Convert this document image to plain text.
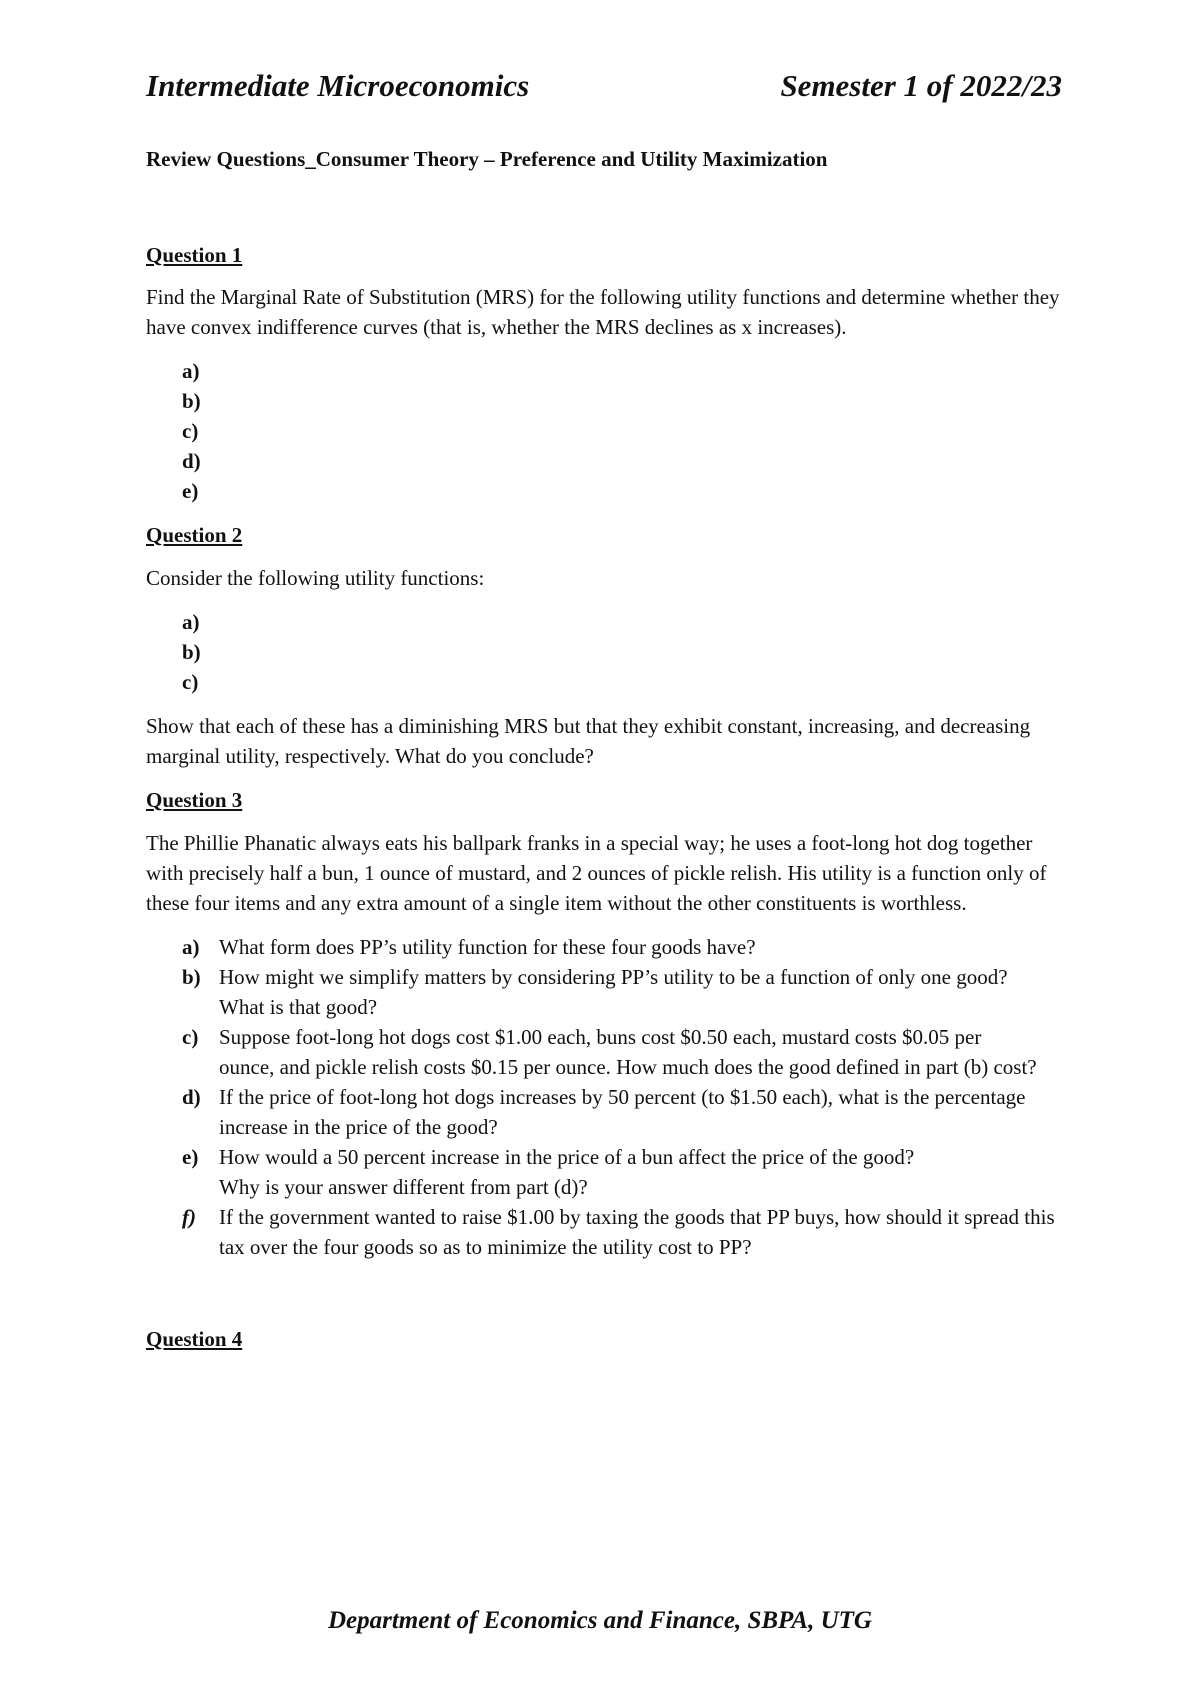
Intermediate Microeconomics	Semester 1 of 2022/23
Review Questions_Consumer Theory – Preference and Utility Maximization

Question 1

Find the Marginal Rate of Substitution (MRS) for the following utility functions and determine whether they have convex indifference curves (that is, whether the MRS declines as x increases).

a)
b)
c)
d)
e)

Question 2

Consider the following utility functions:

a)
b)
c)

Show that each of these has a diminishing MRS but that they exhibit constant, increasing, and decreasing marginal utility, respectively. What do you conclude?

Question 3

The Phillie Phanatic always eats his ballpark franks in a special way; he uses a foot-long hot dog together with precisely half a bun, 1 ounce of mustard, and 2 ounces of pickle relish. His utility is a function only of these four items and any extra amount of a single item without the other constituents is worthless.

a) What form does PP’s utility function for these four goods have?
b) How might we simplify matters by considering PP’s utility to be a function of only one good?
What is that good?
c) Suppose foot-long hot dogs cost $1.00 each, buns cost $0.50 each, mustard costs $0.05 per
ounce, and pickle relish costs $0.15 per ounce. How much does the good defined in part (b) cost?
d) If the price of foot-long hot dogs increases by 50 percent (to $1.50 each), what is the percentage increase in the price of the good?
e) How would a 50 percent increase in the price of a bun affect the price of the good?
Why is your answer different from part (d)?
f)	If the government wanted to raise $1.00 by taxing the goods that PP buys, how should it spread this tax over the four goods so as to minimize the utility cost to PP?

Question 4

Department of Economics and Finance, SBPA, UTG
